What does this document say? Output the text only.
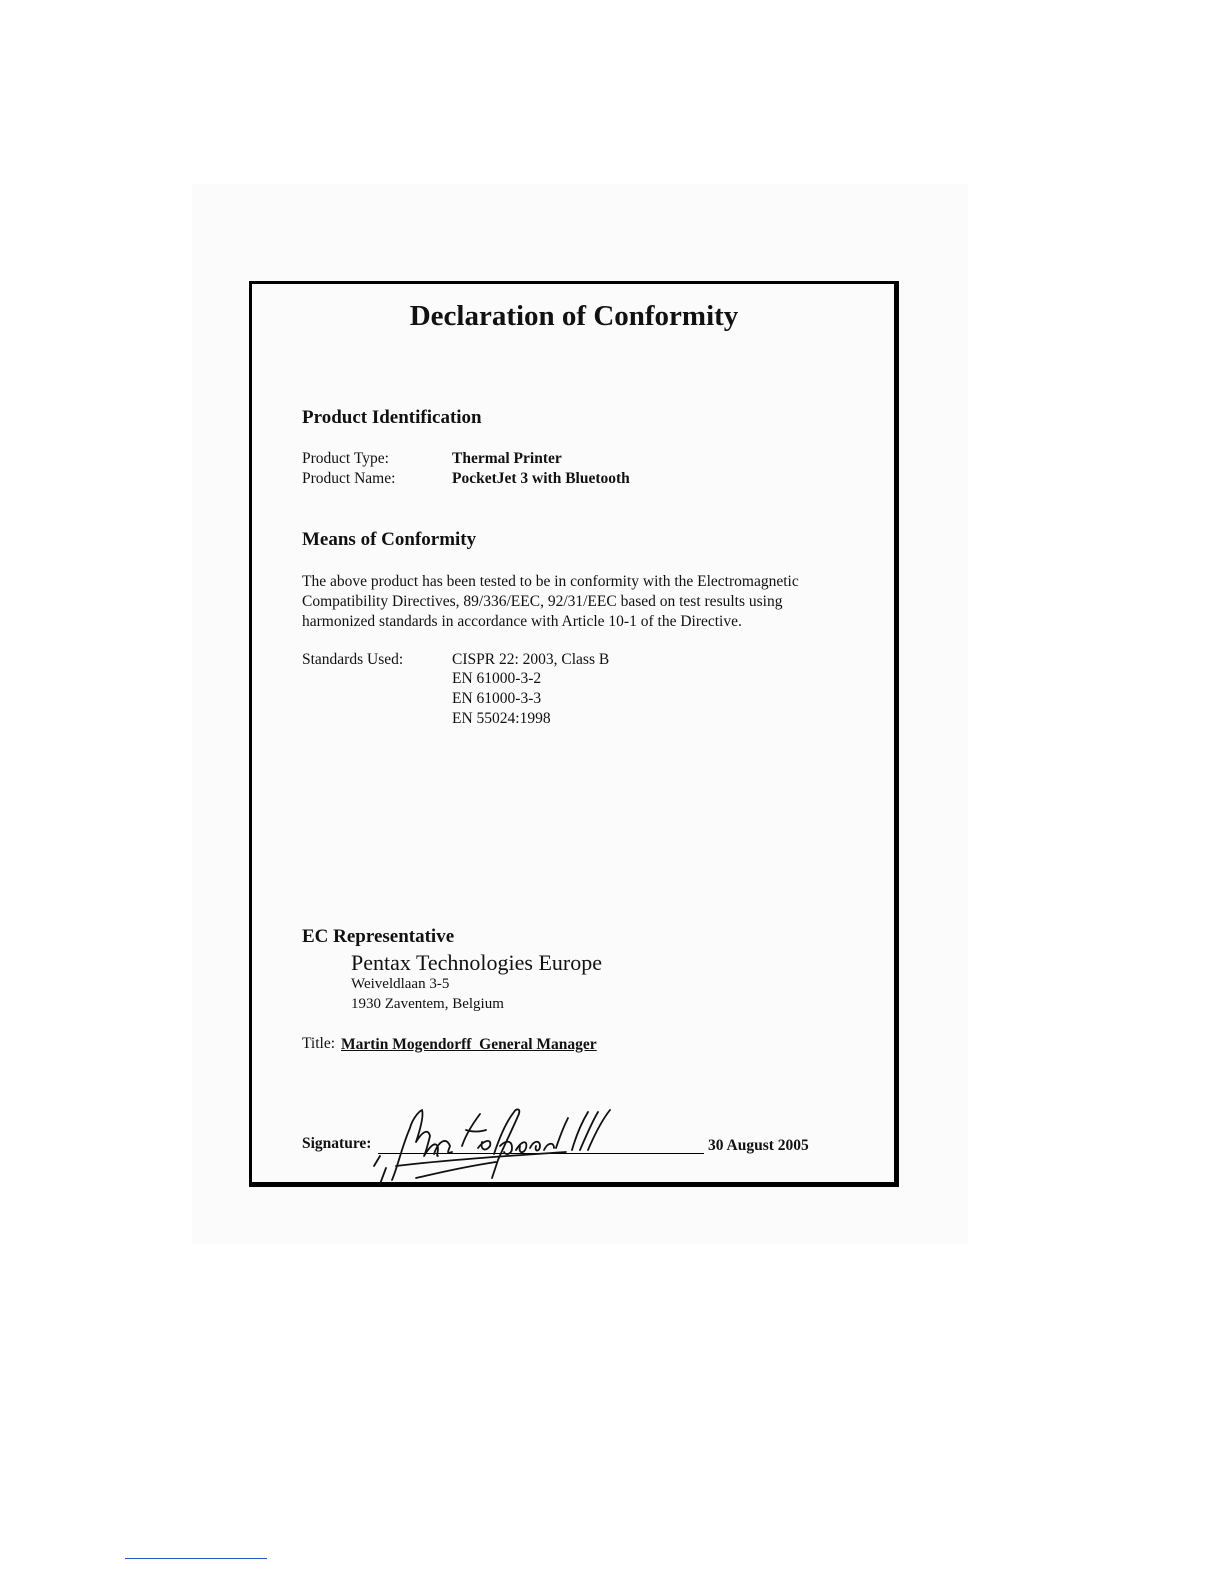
Declaration of Conformity
Product Identification
Product Type:	Thermal Printer
Product Name:	PocketJet 3 with Bluetooth
Means of Conformity
The above product has been tested to be in conformity with the Electromagnetic
Compatibility Directives, 89/336/EEC, 92/31/EEC based on test results using
harmonized standards in accordance with Article 10-1 of the Directive.
Standards Used:	CISPR 22: 2003, Class B
EN 61000-3-2
EN 61000-3-3
EN 55024:1998
EC Representative
Pentax Technologies Europe
Weiveldlaan 3-5
1930 Zaventem, Belgium
Title: Martin Mogendorff  General Manager
Signature:	30 August 2005
